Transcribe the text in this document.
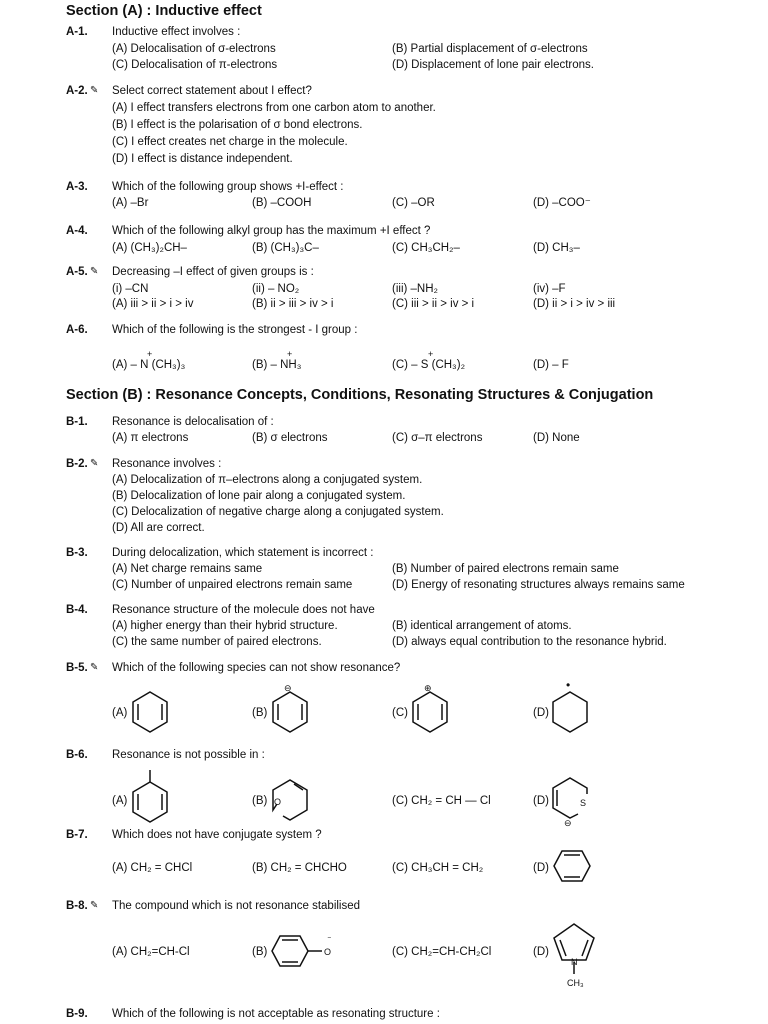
Section (A) : Inductive effect
A-1. Inductive effect involves :
(A) Delocalisation of σ-electrons	(B) Partial displacement of σ-electrons
(C) Delocalisation of π-electrons	(D) Displacement of lone pair electrons.
A-2. ✎ Select correct statement about I effect?
(A) I effect transfers electrons from one carbon atom to another.
(B) I effect is the polarisation of σ bond electrons.
(C) I effect creates net charge in the molecule.
(D) I effect is distance independent.
A-3. Which of the following group shows +I-effect :
(A) –Br	(B) –COOH	(C) –OR	(D) –COO⁻
A-4. Which of the following alkyl group has the maximum +I effect ?
(A) (CH₃)₂CH–	(B) (CH₃)₃C–	(C) CH₃CH₂–	(D) CH₃–
A-5. ✎ Decreasing –I effect of given groups is :
(i) –CN	(ii) – NO₂	(iii) –NH₂	(iv) –F
(A) iii > ii > i > iv	(B) ii > iii > iv > i	(C) iii > ii > iv > i	(D) ii > i > iv > iii
A-6. Which of the following is the strongest - I group :
+	+	+
(A) – N (CH₃)₃	(B) – NH₃	(C) – S (CH₃)₂	(D) – F
Section (B) : Resonance Concepts, Conditions, Resonating Structures & Conjugation
B-1. Resonance is delocalisation of :
(A) π electrons	(B) σ electrons	(C) σ–π electrons	(D) None
B-2. ✎ Resonance involves :
(A) Delocalization of π–electrons along a conjugated system.
(B) Delocalization of lone pair along a conjugated system.
(C) Delocalization of negative charge along a conjugated system.
(D) All are correct.
B-3. During delocalization, which statement is incorrect :
(A) Net charge remains same	(B) Number of paired electrons remain same
(C) Number of unpaired electrons remain same	(D) Energy of resonating structures always remains same
B-4. Resonance structure of the molecule does not have
(A) higher energy than their hybrid structure.	(B) identical arrangement of atoms.
(C) the same number of paired electrons.	(D) always equal contribution to the resonance hybrid.
B-5. ✎ Which of the following species can not show resonance?
(A)	(B)
⊖
(C)
⊕
(D)
•
B-6. Resonance is not possible in :
(A)	(B) O	(C) CH₂ = CH — Cl	(D)	S
⊖
B-7. Which does not have conjugate system ?
(A) CH₂ = CHCl	(B) CH₂ = CHCHO	(C) CH₃CH = CH₂	(D)
B-8. ✎ The compound which is not resonance stabilised
(A) CH₂=CH-Cl	(B)	O
‾
(C) CH₂=CH-CH₂Cl	(D)
N
CH₃
B-9. Which of the following is not acceptable as resonating structure :
